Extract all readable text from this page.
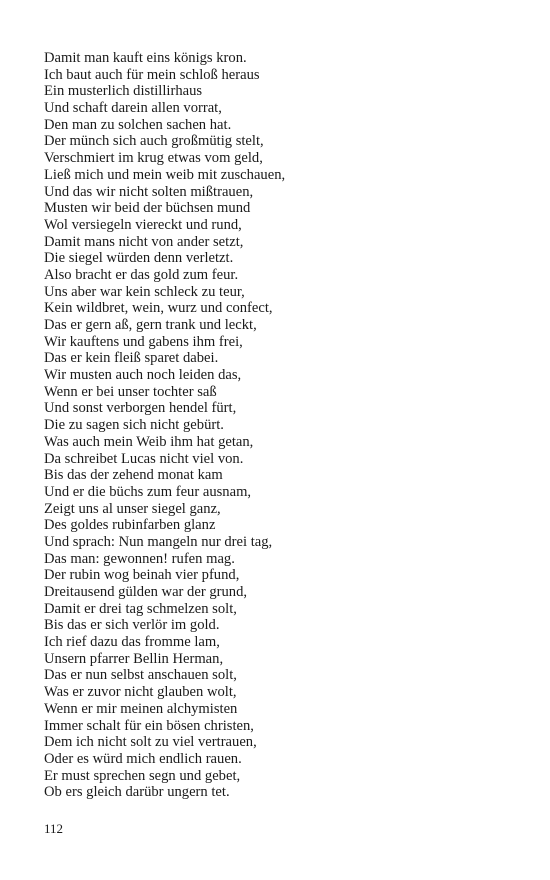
Damit man kauft eins königs kron.
Ich baut auch für mein schloß heraus
Ein musterlich distillirhaus
Und schaft darein allen vorrat,
Den man zu solchen sachen hat.
Der münch sich auch großmütig stelt,
Verschmiert im krug etwas vom geld,
Ließ mich und mein weib mit zuschauen,
Und das wir nicht solten mißtrauen,
Musten wir beid der büchsen mund
Wol versiegeln viereckt und rund,
Damit mans nicht von ander setzt,
Die siegel würden denn verletzt.
Also bracht er das gold zum feur.
Uns aber war kein schleck zu teur,
Kein wildbret, wein, wurz und confect,
Das er gern aß, gern trank und leckt,
Wir kauftens und gabens ihm frei,
Das er kein fleiß sparet dabei.
Wir musten auch noch leiden das,
Wenn er bei unser tochter saß
Und sonst verborgen hendel fürt,
Die zu sagen sich nicht gebürt.
Was auch mein Weib ihm hat getan,
Da schreibet Lucas nicht viel von.
Bis das der zehend monat kam
Und er die büchs zum feur ausnam,
Zeigt uns al unser siegel ganz,
Des goldes rubinfarben glanz
Und sprach: Nun mangeln nur drei tag,
Das man: gewonnen! rufen mag.
Der rubin wog beinah vier pfund,
Dreitausend gülden war der grund,
Damit er drei tag schmelzen solt,
Bis das er sich verlör im gold.
Ich rief dazu das fromme lam,
Unsern pfarrer Bellin Herman,
Das er nun selbst anschauen solt,
Was er zuvor nicht glauben wolt,
Wenn er mir meinen alchymisten
Immer schalt für ein bösen christen,
Dem ich nicht solt zu viel vertrauen,
Oder es würd mich endlich rauen.
Er must sprechen segn und gebet,
Ob ers gleich darübr ungern tet.
112
